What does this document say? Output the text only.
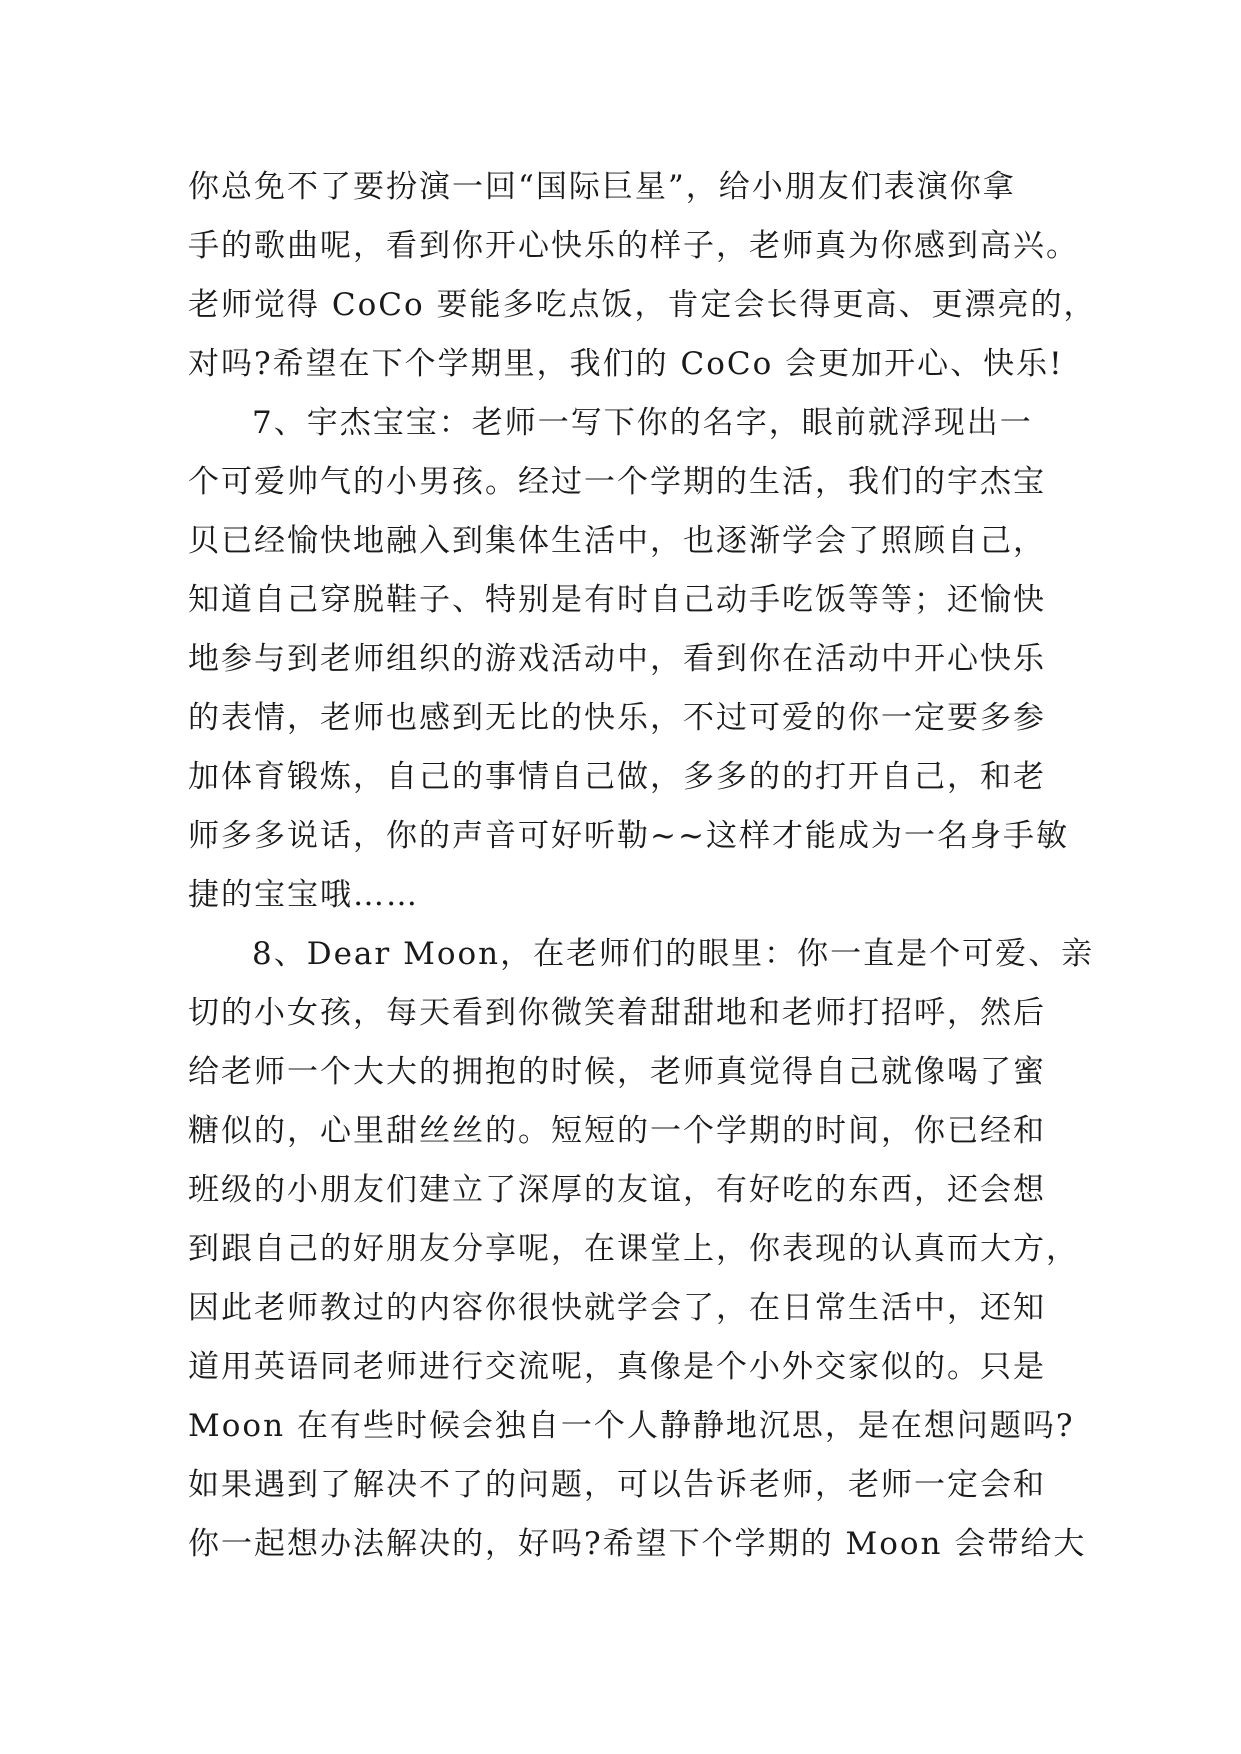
你总免不了要扮演一回“国际巨星”，给小朋友们表演你拿
手的歌曲呢，看到你开心快乐的样子，老师真为你感到高兴。
老师觉得 CoCo 要能多吃点饭，肯定会长得更高、更漂亮的，
对吗?希望在下个学期里，我们的 CoCo 会更加开心、快乐!
7、宇杰宝宝：老师一写下你的名字，眼前就浮现出一
个可爱帅气的小男孩。经过一个学期的生活，我们的宇杰宝
贝已经愉快地融入到集体生活中，也逐渐学会了照顾自己，
知道自己穿脱鞋子、特别是有时自己动手吃饭等等；还愉快
地参与到老师组织的游戏活动中，看到你在活动中开心快乐
的表情，老师也感到无比的快乐，不过可爱的你一定要多参
加体育锻炼，自己的事情自己做，多多的的打开自己，和老
师多多说话，你的声音可好听勒~~这样才能成为一名身手敏
捷的宝宝哦……
8、Dear Moon，在老师们的眼里：你一直是个可爱、亲
切的小女孩，每天看到你微笑着甜甜地和老师打招呼，然后
给老师一个大大的拥抱的时候，老师真觉得自己就像喝了蜜
糖似的，心里甜丝丝的。短短的一个学期的时间，你已经和
班级的小朋友们建立了深厚的友谊，有好吃的东西，还会想
到跟自己的好朋友分享呢，在课堂上，你表现的认真而大方，
因此老师教过的内容你很快就学会了，在日常生活中，还知
道用英语同老师进行交流呢，真像是个小外交家似的。只是
Moon 在有些时候会独自一个人静静地沉思，是在想问题吗?
如果遇到了解决不了的问题，可以告诉老师，老师一定会和
你一起想办法解决的，好吗?希望下个学期的 Moon 会带给大
